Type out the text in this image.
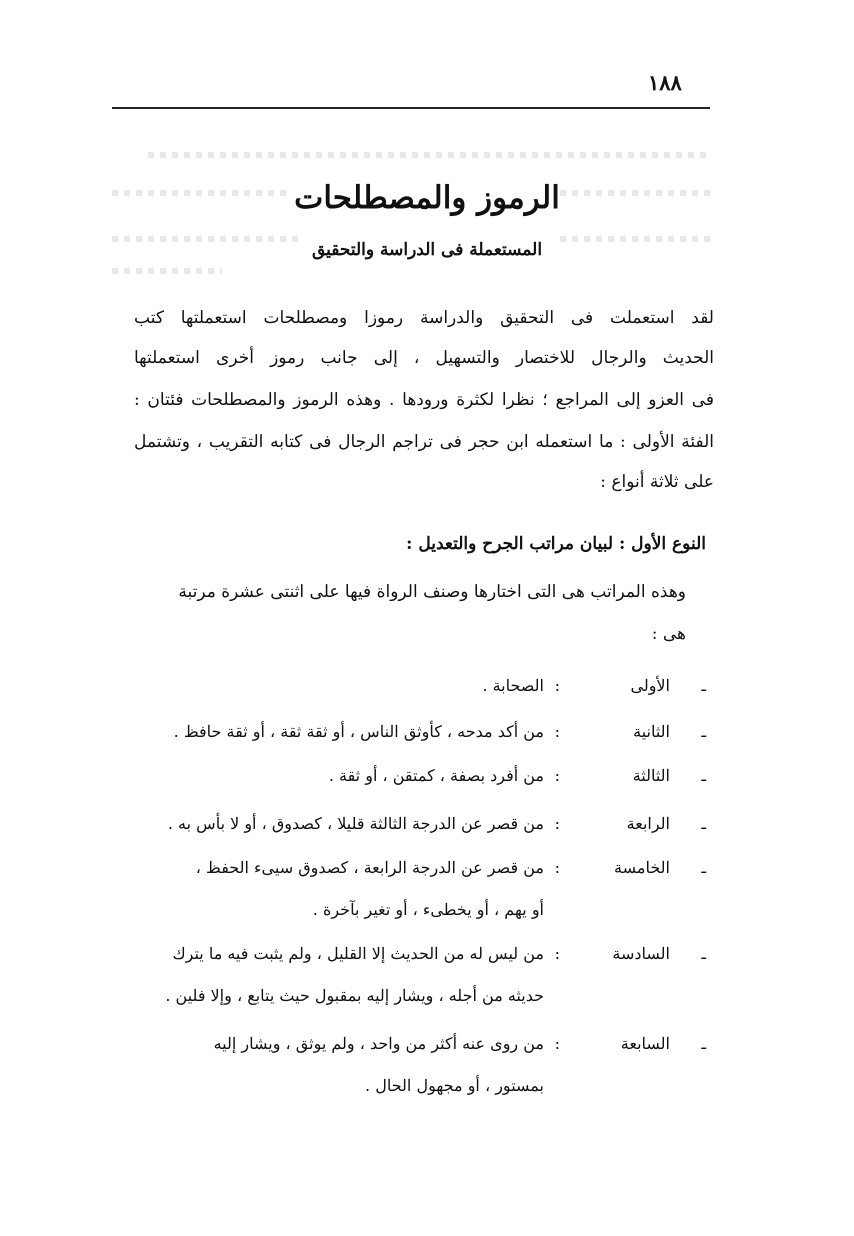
١٨٨
الرموز والمصطلحات
المستعملة فى الدراسة والتحقيق
لقد استعملت فى التحقيق والدراسة رموزا ومصطلحات استعملتها كتب
الحديث والرجال للاختصار والتسهيل ، إلى جانب رموز أخرى استعملتها
فى العزو إلى المراجع ؛ نظرا لكثرة ورودها . وهذه الرموز والمصطلحات فئتان :
الفئة الأولى : ما استعمله ابن حجر فى تراجم الرجال فى كتابه التقريب ، وتشتمل
على ثلاثة أنواع :
النوع الأول : لبيان مراتب الجرح والتعديل :
وهذه المراتب هى التى اختارها وصنف الرواة فيها على اثنتى عشرة مرتبة
هى :
ـ
الأولى
:
الصحابة .
ـ
الثانية
:
من أكد مدحه ، كأوثق الناس ، أو ثقة ثقة ، أو ثقة حافظ .
ـ
الثالثة
:
من أفرد بصفة ، كمتقن ، أو ثقة .
ـ
الرابعة
:
من قصر عن الدرجة الثالثة قليلا ، كصدوق ، أو لا بأس به .
ـ
الخامسة
:
من قصر عن الدرجة الرابعة ، كصدوق سيىء الحفظ ،
أو يهم ، أو يخطىء ، أو تغير بآخرة .
ـ
السادسة
:
من ليس له من الحديث إلا القليل ، ولم يثبت فيه ما يترك
حديثه من أجله ، ويشار إليه بمقبول حيث يتابع ، وإلا فلين .
ـ
السابعة
:
من روى عنه أكثر من واحد ، ولم يوثق ، ويشار إليه
بمستور ، أو مجهول الحال .
